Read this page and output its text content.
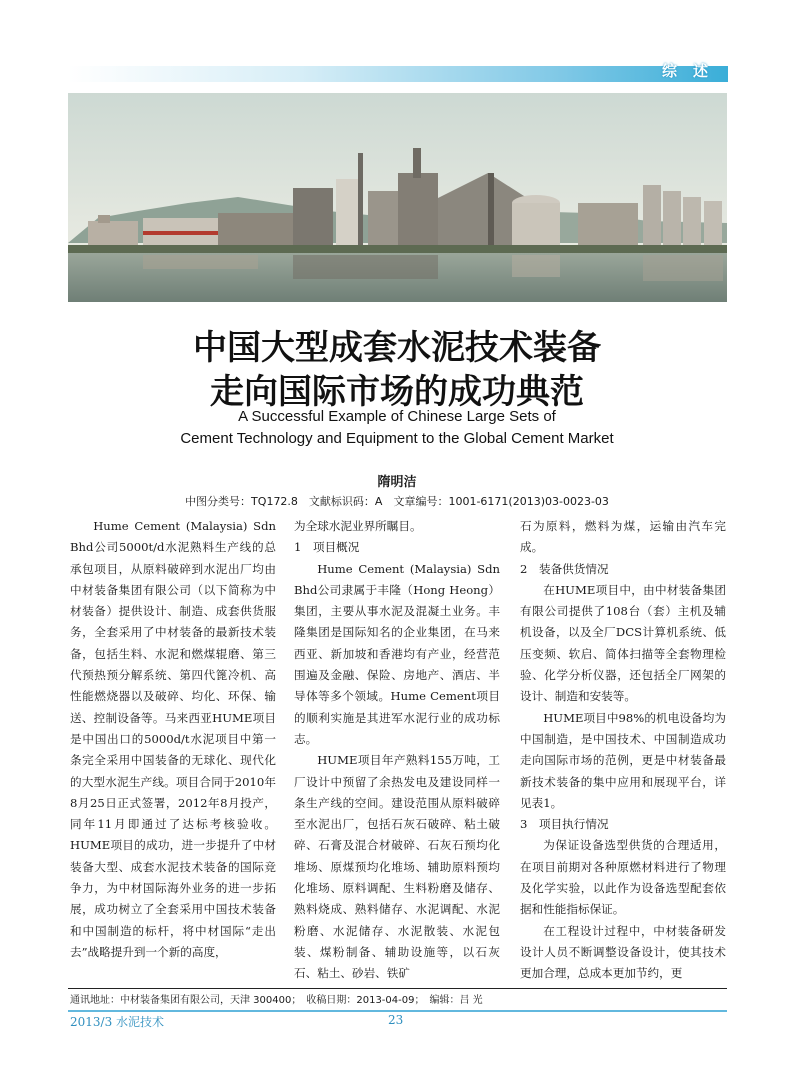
综述
中国大型成套水泥技术装备
走向国际市场的成功典范
A Successful Example of Chinese Large Sets of
Cement Technology and Equipment to the Global Cement Market
隋明洁
中图分类号：TQ172.8　文献标识码：A　文章编号：1001-6171(2013)03-0023-03

Hume Cement (Malaysia) Sdn Bhd公司5000t/d水泥熟料生产线的总承包项目，从原料破碎到水泥出厂均由中材装备集团有限公司（以下简称为中材装备）提供设计、制造、成套供货服务，全套采用了中材装备的最新技术装备，包括生料、水泥和燃煤辊磨、第三代预热预分解系统、第四代篦冷机、高性能燃烧器以及破碎、均化、环保、输送、控制设备等。马来西亚HUME项目是中国出口的5000d/t水泥项目中第一条完全采用中国装备的无球化、现代化的大型水泥生产线。项目合同于2010年8月25日正式签署，2012年8月投产，同年11月即通过了达标考核验收。HUME项目的成功，进一步提升了中材装备大型、成套水泥技术装备的国际竞争力，为中材国际海外业务的进一步拓展，成功树立了全套采用中国技术装备和中国制造的标杆，将中材国际“走出去”战略提升到一个新的高度，

为全球水泥业界所瞩目。

1　项目概况

Hume Cement (Malaysia) Sdn Bhd公司隶属于丰隆（Hong Heong）集团，主要从事水泥及混凝土业务。丰隆集团是国际知名的企业集团，在马来西亚、新加坡和香港均有产业，经营范围遍及金融、保险、房地产、酒店、半导体等多个领域。Hume Cement项目的顺利实施是其进军水泥行业的成功标志。

HUME项目年产熟料155万吨，工厂设计中预留了余热发电及建设同样一条生产线的空间。建设范围从原料破碎至水泥出厂，包括石灰石破碎、粘土破碎、石膏及混合材破碎、石灰石预均化堆场、原煤预均化堆场、辅助原料预均化堆场、原料调配、生料粉磨及储存、熟料烧成、熟料储存、水泥调配、水泥粉磨、水泥储存、水泥散装、水泥包装、煤粉制备、辅助设施等，以石灰石、粘土、砂岩、铁矿

石为原料，燃料为煤，运输由汽车完成。

2　装备供货情况

在HUME项目中，由中材装备集团有限公司提供了108台（套）主机及辅机设备，以及全厂DCS计算机系统、低压变频、软启、简体扫描等全套物理检验、化学分析仪器，还包括全厂网架的设计、制造和安装等。

HUME项目中98%的机电设备均为中国制造，是中国技术、中国制造成功走向国际市场的范例，更是中材装备最新技术装备的集中应用和展现平台，详见表1。

3　项目执行情况

为保证设备选型供货的合理适用，在项目前期对各种原燃材料进行了物理及化学实验，以此作为设备选型配套依据和性能指标保证。

在工程设计过程中，中材装备研发设计人员不断调整设备设计，使其技术更加合理，总成本更加节约，更

通讯地址：中材装备集团有限公司，天津 300400；　收稿日期：2013-04-09；　编辑：吕 光
2013/3 水泥技术	23
